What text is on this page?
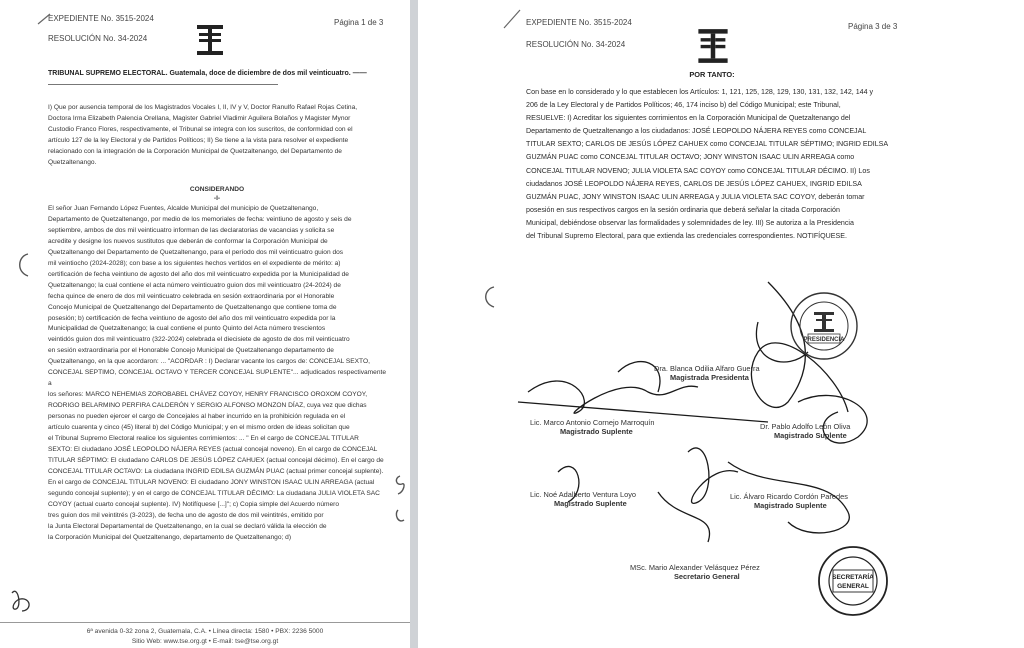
EXPEDIENTE No. 3515-2024
RESOLUCIÓN No. 34-2024
Página 1 de 3
TRIBUNAL SUPREMO ELECTORAL. Guatemala, doce de diciembre de dos mil veinticuatro. ——

I) Que por ausencia temporal de los Magistrados Vocales I, II, IV y V, Doctor Ranulfo Rafael Rojas Cetina,

Doctora Irma Elizabeth Palencia Orellana, Magister Gabriel Vladimir Aguilera Bolaños y Magister Mynor

Custodio Franco Flores, respectivamente, el Tribunal se integra con los suscritos, de conformidad con el

artículo 127 de la ley Electoral y de Partidos Políticos; II) Se tiene a la vista para resolver el expediente

relacionado con la integración de la Corporación Municipal de Quetzaltenango, del Departamento de

Quetzaltenango.

CONSIDERANDO

-I-

El señor Juan Fernando López Fuentes, Alcalde Municipal del municipio de Quetzaltenango,

Departamento de Quetzaltenango, por medio de los memoriales de fecha: veintiuno de agosto y seis de

septiembre, ambos de dos mil veinticuatro informan de las declaratorias de vacancias y solicita se

acredite y designe los nuevos sustitutos que deberán de conformar la Corporación Municipal de

Quetzaltenango del Departamento de Quetzaltenango, para el período dos mil veinticuatro guion dos

mil veintiocho (2024-2028); con base a los siguientes hechos vertidos en el expediente de mérito: a)

certificación de fecha veintiuno de agosto del año dos mil veinticuatro expedida por la Municipalidad de

Quetzaltenango; la cual contiene el acta número veinticuatro guion dos mil veinticuatro (24-2024) de

fecha quince de enero de dos mil veinticuatro celebrada en sesión extraordinaria por el Honorable

Concejo Municipal de Quetzaltenango del Departamento de Quetzaltenango que contiene toma de

posesión; b) certificación de fecha veintiuno de agosto del año dos mil veinticuatro expedida por la

Municipalidad de Quetzaltenango; la cual contiene el punto Quinto del Acta número trescientos

veintidós guion dos mil veinticuatro (322-2024) celebrada el diecisiete de agosto de dos mil veinticuatro

en sesión extraordinaria por el Honorable Concejo Municipal de Quetzaltenango departamento de

Quetzaltenango, en la que acordaron: ... "ACORDAR : I) Declarar vacante los cargos de: CONCEJAL SEXTO,

CONCEJAL SEPTIMO, CONCEJAL OCTAVO Y TERCER CONCEJAL SUPLENTE"... adjudicados respectivamente a

los señores: MARCO NEHEMIAS ZOROBABEL CHÁVEZ COYOY, HENRY FRANCISCO OROXOM COYOY,

RODRIGO BELARMINO PERFIRA CALDERÓN Y SERGIO ALFONSO MONZON DÍAZ, cuya vez que dichas

personas no pueden ejercer el cargo de Concejales al haber incurrido en la prohibición regulada en el

artículo cuarenta y cinco (45) literal b) del Código Municipal; y en el mismo orden de ideas solicitan que

el Tribunal Supremo Electoral realice los siguientes corrimientos: ... " En el cargo de CONCEJAL TITULAR

SEXTO: El ciudadano JOSÉ LEOPOLDO NÁJERA REYES (actual concejal noveno). En el cargo de CONCEJAL

TITULAR SÉPTIMO: El ciudadano CARLOS DE JESÚS LÓPEZ CAHUEX (actual concejal décimo). En el cargo de

CONCEJAL TITULAR OCTAVO: La ciudadana INGRID EDILSA GUZMÁN PUAC (actual primer concejal suplente).

En el cargo de CONCEJAL TITULAR NOVENO: El ciudadano JONY WINSTON ISAAC ULIN ARREAGA (actual

segundo concejal suplente); y en el cargo de CONCEJAL TITULAR DÉCIMO: La ciudadana JULIA VIOLETA SAC

COYOY (actual cuarto concejal suplente). IV) Notifíquese [...]"; c) Copia simple del Acuerdo número

tres guion dos mil veintitrés (3-2023), de fecha uno de agosto de dos mil veintitrés, emitido por

la Junta Electoral Departamental de Quetzaltenango, en la cual se declaró válida la elección de

la Corporación Municipal del Quetzaltenango, departamento de Quetzaltenango; d)

6ª avenida 0-32 zona 2, Guatemala, C.A. • Línea directa: 1580 • PBX: 2236 5000
Sitio Web: www.tse.org.gt • E-mail: tse@tse.org.gt
EXPEDIENTE No. 3515-2024
RESOLUCIÓN No. 34-2024
Página 3 de 3
POR TANTO:

Con base en lo considerado y lo que establecen los Artículos: 1, 121, 125, 128, 129, 130, 131, 132, 142, 144 y

206 de la Ley Electoral y de Partidos Políticos; 46, 174 inciso b) del Código Municipal; este Tribunal,

RESUELVE: I) Acreditar los siguientes corrimientos en la Corporación Municipal de Quetzaltenango del

Departamento de Quetzaltenango a los ciudadanos: JOSÉ LEOPOLDO NÁJERA REYES como CONCEJAL

TITULAR SEXTO; CARLOS DE JESÚS LÓPEZ CAHUEX como CONCEJAL TITULAR SÉPTIMO; INGRID EDILSA

GUZMÁN PUAC como CONCEJAL TITULAR OCTAVO; JONY WINSTON ISAAC ULIN ARREAGA como

CONCEJAL TITULAR NOVENO; JULIA VIOLETA SAC COYOY como CONCEJAL TITULAR DÉCIMO. II) Los

ciudadanos JOSÉ LEOPOLDO NÁJERA REYES, CARLOS DE JESÚS LÓPEZ CAHUEX, INGRID EDILSA

GUZMÁN PUAC, JONY WINSTON ISAAC ULIN ARREAGA y JULIA VIOLETA SAC COYOY, deberán tomar

posesión en sus respectivos cargos en la sesión ordinaria que deberá señalar la citada Corporación

Municipal, debiéndose observar las formalidades y solemnidades de ley. III) Se autoriza a la Presidencia

del Tribunal Supremo Electoral, para que extienda las credenciales correspondientes. NOTIFÍQUESE.

Dra. Blanca Odilia Alfaro Guerra
Magistrada Presidenta
Lic. Marco Antonio Cornejo Marroquín
Magistrado Suplente
Dr. Pablo Adolfo León Oliva
Magistrado Suplente
Lic. Noé Adalberto Ventura Loyo
Magistrado Suplente
Lic. Álvaro Ricardo Cordón Paredes
Magistrado Suplente
MSc. Mario Alexander Velásquez Pérez
Secretario General
PRESIDENCIA
SECRETARÍA
GENERAL
